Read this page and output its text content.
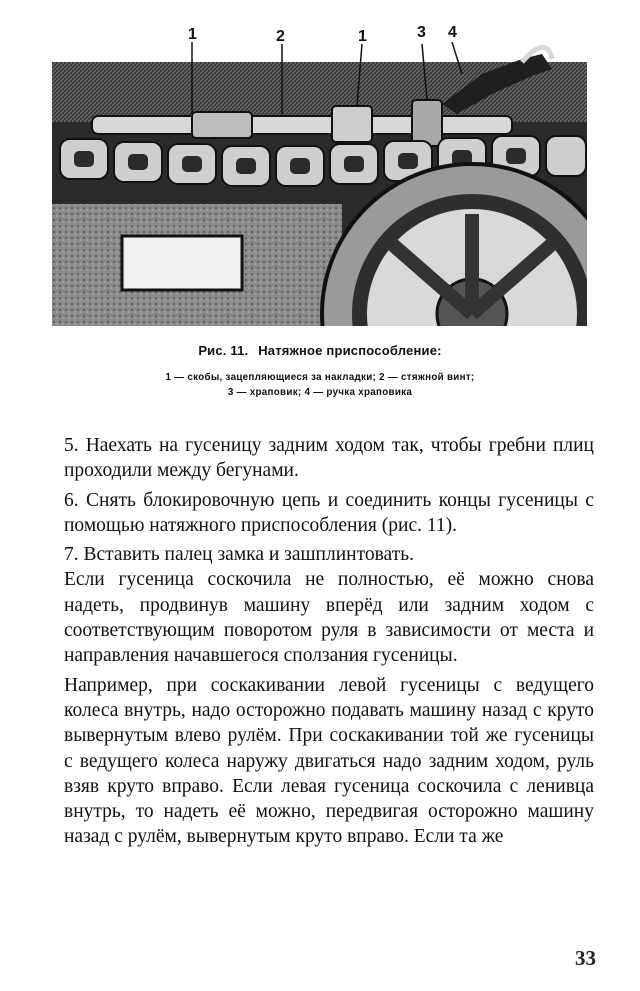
1	2	1	3 4
Рис. 11. Натяжное приспособление:
1 — скобы, зацепляющиеся за накладки; 2 — стяжной винт;
3 — храповик; 4 — ручка храповика

5. Наехать на гусеницу задним ходом так, чтобы гребни плиц проходили между бегунами.

6. Снять блокировочную цепь и соединить концы гусеницы с помощью натяжного приспособления (рис. 11).

7. Вставить палец замка и зашплинтовать.

Если гусеница соскочила не полностью, её можно снова надеть, продвинув машину вперёд или задним ходом с соответствующим поворотом руля в зависимости от места и направления начавшегося сползания гусеницы.

Например, при соскакивании левой гусеницы с ведущего колеса внутрь, надо осторожно подавать машину назад с круто вывернутым влево рулём. При соскакивании той же гусеницы с ведущего колеса наружу двигаться надо задним ходом, руль взяв круто вправо. Если левая гусеница соскочила с ленивца внутрь, то надеть её можно, передвигая осторожно машину назад с рулём, вывернутым круто вправо. Если та же

33
